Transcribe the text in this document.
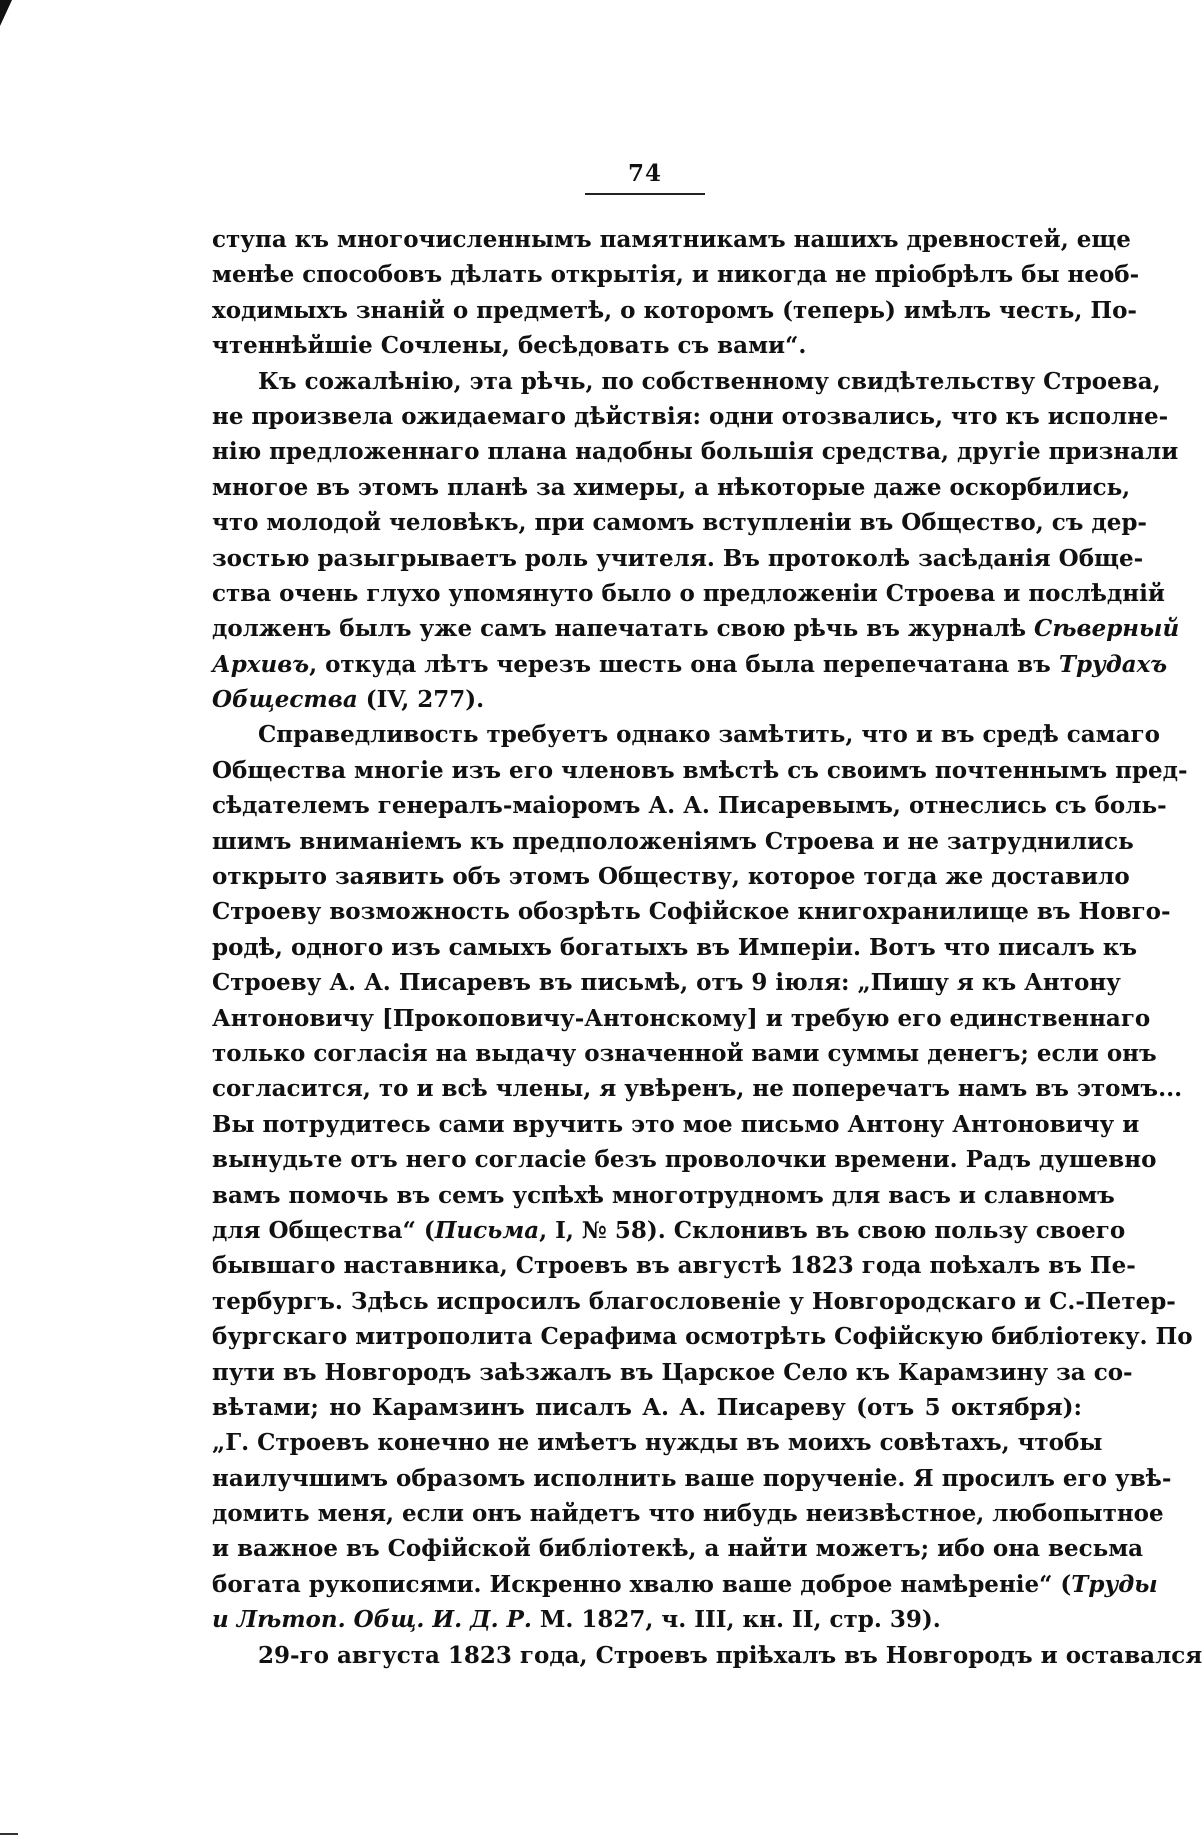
74
ступа къ многочисленнымъ памятникамъ нашихъ древностей, еще
менѣе способовъ дѣлать открытія, и никогда не пріобрѣлъ бы необ-
ходимыхъ знаній о предметѣ, о которомъ (теперь) имѣлъ честь, По-
чтеннѣйшіе Сочлены, бесѣдовать съ вами“.
Къ сожалѣнію, эта рѣчь, по собственному свидѣтельству Строева,
не произвела ожидаемаго дѣйствія: одни отозвались, что къ исполне-
нію предложеннаго плана надобны большія средства, другіе признали
многое въ этомъ планѣ за химеры, а нѣкоторые даже оскорбились,
что молодой человѣкъ, при самомъ вступленіи въ Общество, съ дер-
зостью разыгрываетъ роль учителя. Въ протоколѣ засѣданія Обще-
ства очень глухо упомянуто было о предложеніи Строева и послѣдній
долженъ былъ уже самъ напечатать свою рѣчь въ журналѣ Сѣверный
Архивъ, откуда лѣтъ черезъ шесть она была перепечатана въ Трудахъ
Общества (IV, 277).
Справедливость требуетъ однако замѣтить, что и въ средѣ самаго
Общества многіе изъ его членовъ вмѣстѣ съ своимъ почтеннымъ пред-
сѣдателемъ генералъ-маіоромъ А. А. Писаревымъ, отнеслись съ боль-
шимъ вниманіемъ къ предположеніямъ Строева и не затруднились
открыто заявить объ этомъ Обществу, которое тогда же доставило
Строеву возможность обозрѣть Софійское книгохранилище въ Новго-
родѣ, одного изъ самыхъ богатыхъ въ Имперіи. Вотъ что писалъ къ
Строеву А. А. Писаревъ въ письмѣ, отъ 9 іюля: „Пишу я къ Антону
Антоновичу [Прокоповичу-Антонскому] и требую его единственнаго
только согласія на выдачу означенной вами суммы денегъ; если онъ
согласится, то и всѣ члены, я увѣренъ, не поперечатъ намъ въ этомъ...
Вы потрудитесь сами вручить это мое письмо Антону Антоновичу и
вынудьте отъ него согласіе безъ проволочки времени. Радъ душевно
вамъ помочь въ семъ успѣхѣ многотрудномъ для васъ и славномъ
для Общества“ (Письма, I, № 58). Склонивъ въ свою пользу своего
бывшаго наставника, Строевъ въ августѣ 1823 года поѣхалъ въ Пе-
тербургъ. Здѣсь испросилъ благословеніе у Новгородскаго и С.-Петер-
бургскаго митрополита Серафима осмотрѣть Софійскую библіотеку. По
пути въ Новгородъ заѣзжалъ въ Царское Село къ Карамзину за со-
вѣтами; но Карамзинъ писалъ А. А. Писареву (отъ 5 октября):
„Г. Строевъ конечно не имѣетъ нужды въ моихъ совѣтахъ, чтобы
наилучшимъ образомъ исполнить ваше порученіе. Я просилъ его увѣ-
домить меня, если онъ найдетъ что нибудь неизвѣстное, любопытное
и важное въ Софійской библіотекѣ, а найти можетъ; ибо она весьма
богата рукописями. Искренно хвалю ваше доброе намѣреніе“ (Труды
и Лѣтоп. Общ. И. Д. Р. М. 1827, ч. III, кн. II, стр. 39).
29-го августа 1823 года, Строевъ пріѣхалъ въ Новгородъ и оставался
